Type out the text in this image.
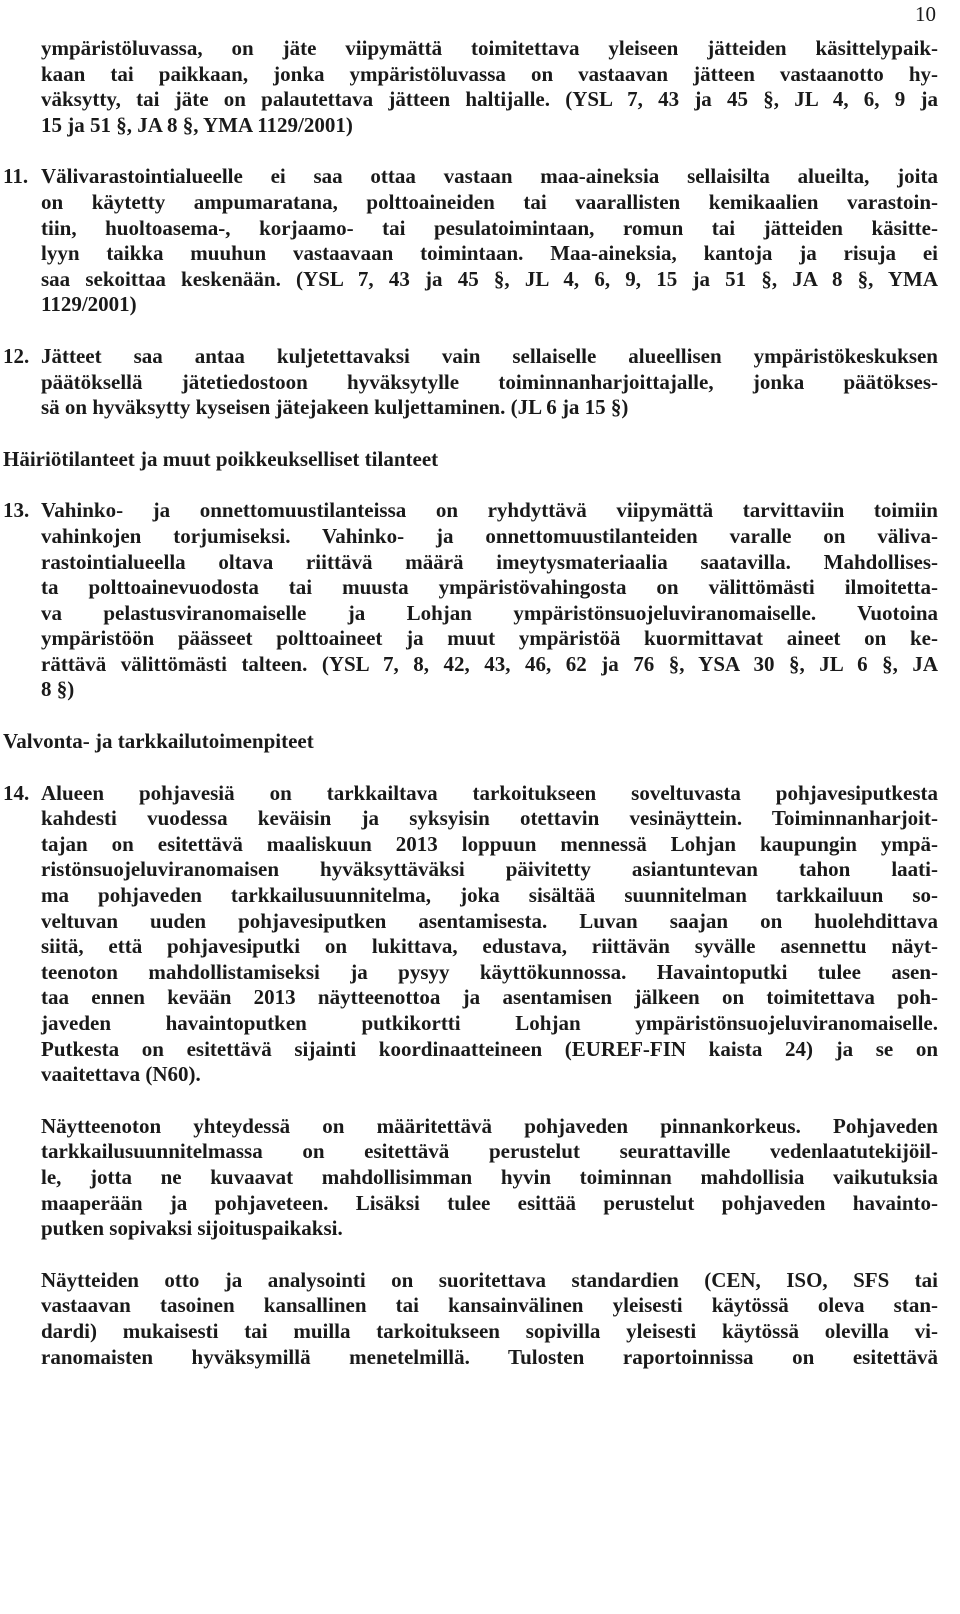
10
ympäristöluvassa, on jäte viipymättä toimitettava yleiseen jätteiden käsittelypaik-
kaan tai paikkaan, jonka ympäristöluvassa on vastaavan jätteen vastaanotto hy-
väksytty, tai jäte on palautettava jätteen haltijalle. (YSL 7, 43 ja 45 §, JL 4, 6, 9 ja
15 ja 51 §, JA 8 §, YMA 1129/2001)
11. Välivarastointialueelle ei saa ottaa vastaan maa-aineksia sellaisilta alueilta, joita
on käytetty ampumaratana, polttoaineiden tai vaarallisten kemikaalien varastoin-
tiin, huoltoasema-, korjaamo- tai pesulatoimintaan, romun tai jätteiden käsitte-
lyyn taikka muuhun vastaavaan toimintaan. Maa-aineksia, kantoja ja risuja ei
saa sekoittaa keskenään. (YSL 7, 43 ja 45 §, JL 4, 6, 9, 15 ja 51 §, JA 8 §, YMA
1129/2001)
12. Jätteet saa antaa kuljetettavaksi vain sellaiselle alueellisen ympäristökeskuksen
päätöksellä jätetiedostoon hyväksytylle toiminnanharjoittajalle, jonka päätökses-
sä on hyväksytty kyseisen jätejakeen kuljettaminen. (JL 6 ja 15 §)
Häiriötilanteet ja muut poikkeukselliset tilanteet
13. Vahinko- ja onnettomuustilanteissa on ryhdyttävä viipymättä tarvittaviin toimiin
vahinkojen torjumiseksi. Vahinko- ja onnettomuustilanteiden varalle on väliva-
rastointialueella oltava riittävä määrä imeytysmateriaalia saatavilla. Mahdollises-
ta polttoainevuodosta tai muusta ympäristövahingosta on välittömästi ilmoitetta-
va pelastusviranomaiselle ja Lohjan ympäristönsuojeluviranomaiselle. Vuotoina
ympäristöön päässeet polttoaineet ja muut ympäristöä kuormittavat aineet on ke-
rättävä välittömästi talteen. (YSL 7, 8, 42, 43, 46, 62 ja 76 §, YSA 30 §, JL 6 §, JA
8 §)
Valvonta- ja tarkkailutoimenpiteet
14. Alueen pohjavesiä on tarkkailtava tarkoitukseen soveltuvasta pohjavesiputkesta
kahdesti vuodessa keväisin ja syksyisin otettavin vesinäyttein. Toiminnanharjoit-
tajan on esitettävä maaliskuun 2013 loppuun mennessä Lohjan kaupungin ympä-
ristönsuojeluviranomaisen hyväksyttäväksi päivitetty asiantuntevan tahon laati-
ma pohjaveden tarkkailusuunnitelma, joka sisältää suunnitelman tarkkailuun so-
veltuvan uuden pohjavesiputken asentamisesta. Luvan saajan on huolehdittava
siitä, että pohjavesiputki on lukittava, edustava, riittävän syvälle asennettu näyt-
teenoton mahdollistamiseksi ja pysyy käyttökunnossa. Havaintoputki tulee asen-
taa ennen kevään 2013 näytteenottoa ja asentamisen jälkeen on toimitettava poh-
javeden havaintoputken putkikortti Lohjan ympäristönsuojeluviranomaiselle.
Putkesta on esitettävä sijainti koordinaatteineen (EUREF-FIN kaista 24) ja se on
vaaitettava (N60).
Näytteenoton yhteydessä on määritettävä pohjaveden pinnankorkeus. Pohjaveden
tarkkailusuunnitelmassa on esitettävä perustelut seurattaville vedenlaatutekijöil-
le, jotta ne kuvaavat mahdollisimman hyvin toiminnan mahdollisia vaikutuksia
maaperään ja pohjaveteen. Lisäksi tulee esittää perustelut pohjaveden havainto-
putken sopivaksi sijoituspaikaksi.
Näytteiden otto ja analysointi on suoritettava standardien (CEN, ISO, SFS tai
vastaavan tasoinen kansallinen tai kansainvälinen yleisesti käytössä oleva stan-
dardi) mukaisesti tai muilla tarkoitukseen sopivilla yleisesti käytössä olevilla vi-
ranomaisten hyväksymillä menetelmillä. Tulosten raportoinnissa on esitettävä
